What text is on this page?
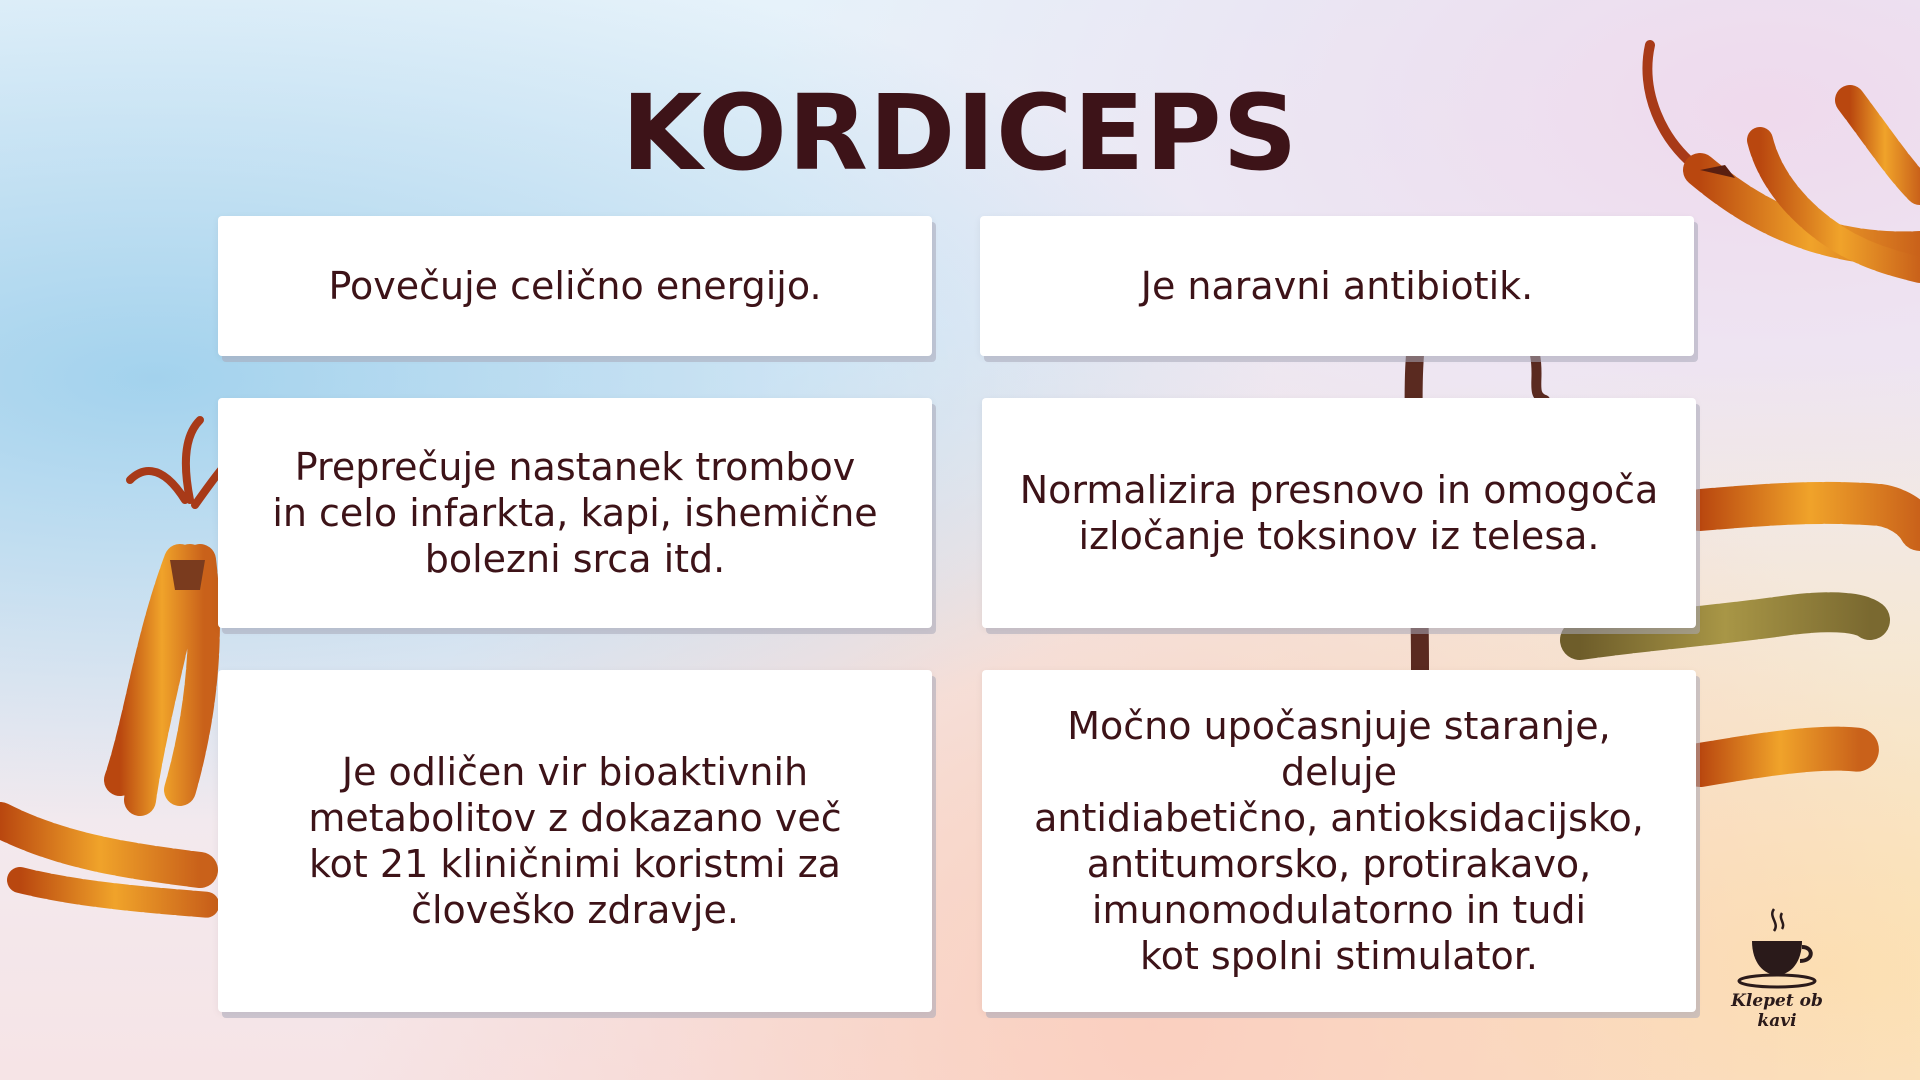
KORDICEPS

Povečuje celično energijo.	Je naravni antibiotik.

Preprečuje nastanek trombov
in celo infarkta, kapi, ishemične
bolezni srca itd.

Normalizira presnovo in omogoča
izločanje toksinov iz telesa.

Je odličen vir bioaktivnih
metabolitov z dokazano več
kot 21 kliničnimi koristmi za
človeško zdravje.

Močno upočasnjuje staranje, deluje
antidiabetično, antioksidacijsko,
antitumorsko, protirakavo,
imunomodulatorno in tudi
kot spolni stimulator.

Klepet ob kavi
